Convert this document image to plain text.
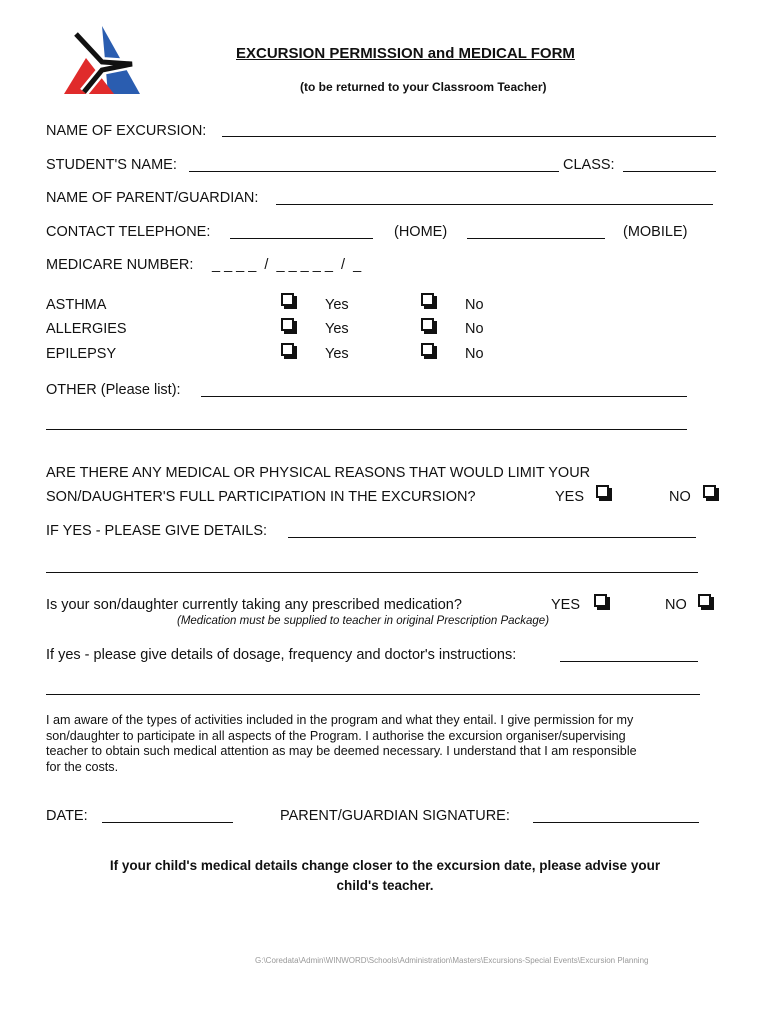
EXCURSION PERMISSION and MEDICAL FORM
(to be returned to your Classroom Teacher)
NAME OF EXCURSION:
STUDENT'S NAME:	CLASS:
NAME OF PARENT/GUARDIAN:
CONTACT TELEPHONE:	(HOME)	(MOBILE)
MEDICARE NUMBER: _ _ _ _  /  _ _ _ _ _  /  _
ASTHMA	Yes	No
ALLERGIES	Yes	No
EPILEPSY	Yes	No
OTHER (Please list):
ARE THERE ANY MEDICAL OR PHYSICAL REASONS THAT WOULD LIMIT YOUR
SON/DAUGHTER'S FULL PARTICIPATION IN THE EXCURSION?	YES	NO
IF YES - PLEASE GIVE DETAILS:
Is your son/daughter currently taking any prescribed medication?	YES	NO
(Medication must be supplied to teacher in original Prescription Package)
If yes - please give details of dosage, frequency and doctor's instructions:
I am aware of the types of activities included in the program and what they entail. I give permission for my
son/daughter to participate in all aspects of the Program. I authorise the excursion organiser/supervising
teacher to obtain such medical attention as may be deemed necessary. I understand that I am responsible
for the costs.
DATE:	PARENT/GUARDIAN SIGNATURE:
If your child's medical details change closer to the excursion date, please advise your
child's teacher.
G:\Coredata\Admin\WINWORD\Schools\Administration\Masters\Excursions-Special Events\Excursion Planning
